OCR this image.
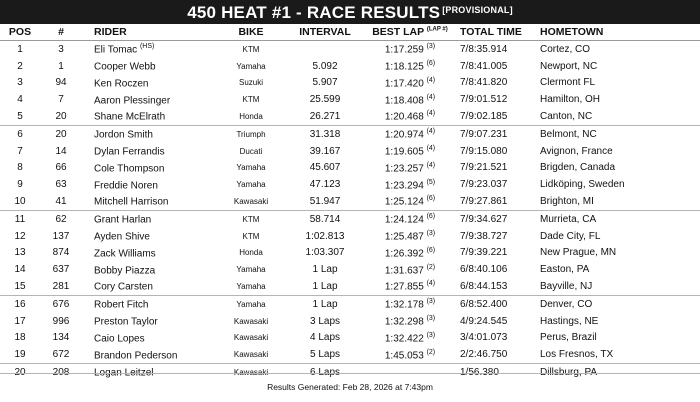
450 HEAT #1 - RACE RESULTS [PROVISIONAL]
POS	#	RIDER	BIKE	INTERVAL	BEST LAP $^{(LAP \#)}$	TOTAL TIME	HOMETOWN
1	3	Eli Tomac $^{(HS)}$	KTM		1:17.259 $^{(3)}$	7/8:35.914	Cortez, CO
2	1	Cooper Webb	Yamaha	5.092	1:18.125 $^{(6)}$	7/8:41.005	Newport, NC
3	94	Ken Roczen	Suzuki	5.907	1:17.420 $^{(4)}$	7/8:41.820	Clermont FL
4	7	Aaron Plessinger	KTM	25.599	1:18.408 $^{(4)}$	7/9:01.512	Hamilton, OH
5	20	Shane McElrath	Honda	26.271	1:20.468 $^{(4)}$	7/9:02.185	Canton, NC
6	20	Jordon Smith	Triumph	31.318	1:20.974 $^{(4)}$	7/9:07.231	Belmont, NC
7	14	Dylan Ferrandis	Ducati	39.167	1:19.605 $^{(4)}$	7/9:15.080	Avignon, France
8	66	Cole Thompson	Yamaha	45.607	1:23.257 $^{(4)}$	7/9:21.521	Brigden, Canada
9	63	Freddie Noren	Yamaha	47.123	1:23.294 $^{(5)}$	7/9:23.037	Lidköping, Sweden
10	41	Mitchell Harrison	Kawasaki	51.947	1:25.124 $^{(6)}$	7/9:27.861	Brighton, MI
11	62	Grant Harlan	KTM	58.714	1:24.124 $^{(6)}$	7/9:34.627	Murrieta, CA
12	137	Ayden Shive	KTM	1:02.813	1:25.487 $^{(3)}$	7/9:38.727	Dade City, FL
13	874	Zack Williams	Honda	1:03.307	1:26.392 $^{(6)}$	7/9:39.221	New Prague, MN
14	637	Bobby Piazza	Yamaha	1 Lap	1:31.637 $^{(2)}$	6/8:40.106	Easton, PA
15	281	Cory Carsten	Yamaha	1 Lap	1:27.855 $^{(4)}$	6/8:44.153	Bayville, NJ
16	676	Robert Fitch	Yamaha	1 Lap	1:32.178 $^{(3)}$	6/8:52.400	Denver, CO
17	996	Preston Taylor	Kawasaki	3 Laps	1:32.298 $^{(3)}$	4/9:24.545	Hastings, NE
18	134	Caio Lopes	Kawasaki	4 Laps	1:32.422 $^{(3)}$	3/4:01.073	Perus, Brazil
19	672	Brandon Pederson	Kawasaki	5 Laps	1:45.053 $^{(2)}$	2/2:46.750	Los Fresnos, TX
20	208	Logan Leitzel	Kawasaki	6 Laps		1/56.380	Dillsburg, PA
Results Generated: Feb 28, 2026 at 7:43pm
